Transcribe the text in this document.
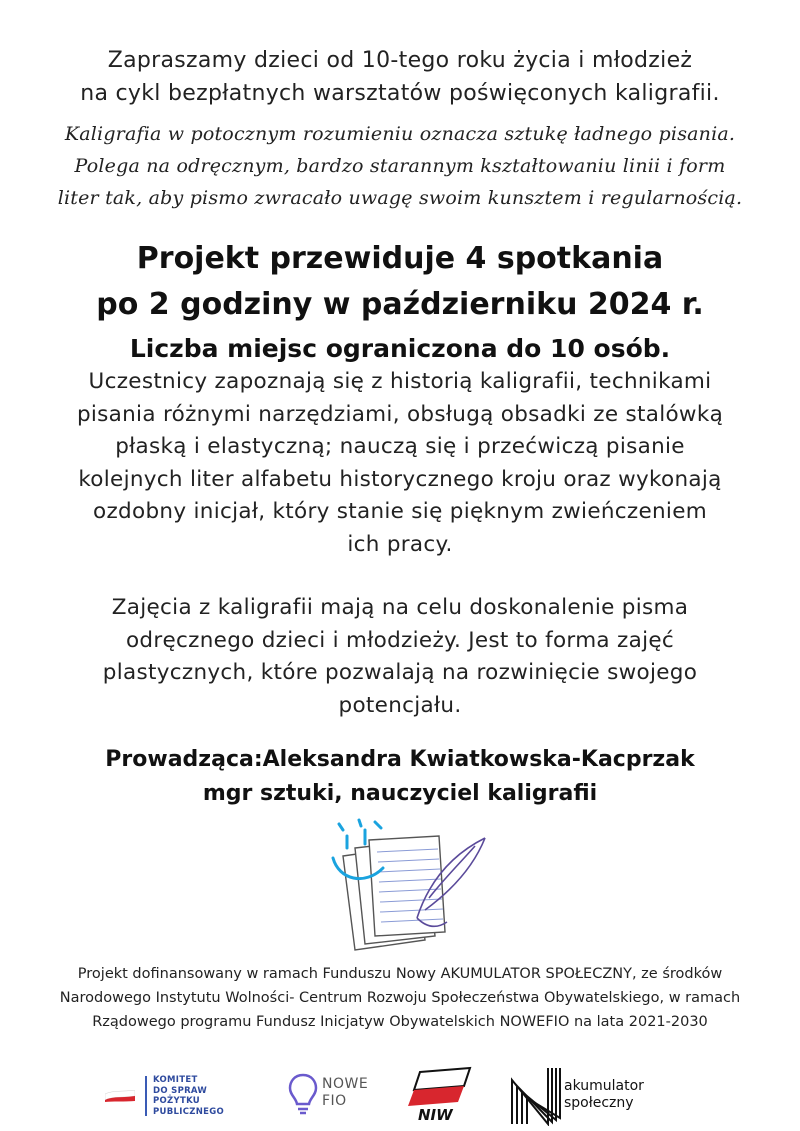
Zapraszamy dzieci od 10-tego roku życia i młodzież
na cykl bezpłatnych warsztatów poświęconych kaligrafii.
Kaligrafia w potocznym rozumieniu oznacza sztukę ładnego pisania.
Polega na odręcznym, bardzo starannym kształtowaniu linii i form
liter tak, aby pismo zwracało uwagę swoim kunsztem i regularnością.
Projekt przewiduje 4 spotkania
po 2 godziny w październiku 2024 r.
Liczba miejsc ograniczona do 10 osób.
Uczestnicy zapoznają się z historią kaligrafii, technikami
pisania różnymi narzędziami, obsługą obsadki ze stalówką
płaską i elastyczną; nauczą się i przećwiczą pisanie
kolejnych liter alfabetu historycznego kroju oraz wykonają
ozdobny inicjał, który stanie się pięknym zwieńczeniem
ich pracy.
Zajęcia z kaligrafii mają na celu doskonalenie pisma
odręcznego dzieci i młodzieży. Jest to forma zajęć
plastycznych, które pozwalają na rozwinięcie swojego
potencjału.
Prowadząca:Aleksandra Kwiatkowska-Kacprzak
mgr sztuki, nauczyciel kaligrafii
Projekt dofinansowany w ramach Funduszu Nowy AKUMULATOR SPOŁECZNY, ze środków
Narodowego Instytutu Wolności- Centrum Rozwoju Społeczeństwa Obywatelskiego, w ramach
Rządowego programu Fundusz Inicjatyw Obywatelskich NOWEFIO na lata 2021-2030
KOMITET
DO SPRAW
POŻYTKU
PUBLICZNEGO
NOWE
FIO
NIW
akumulator
społeczny
